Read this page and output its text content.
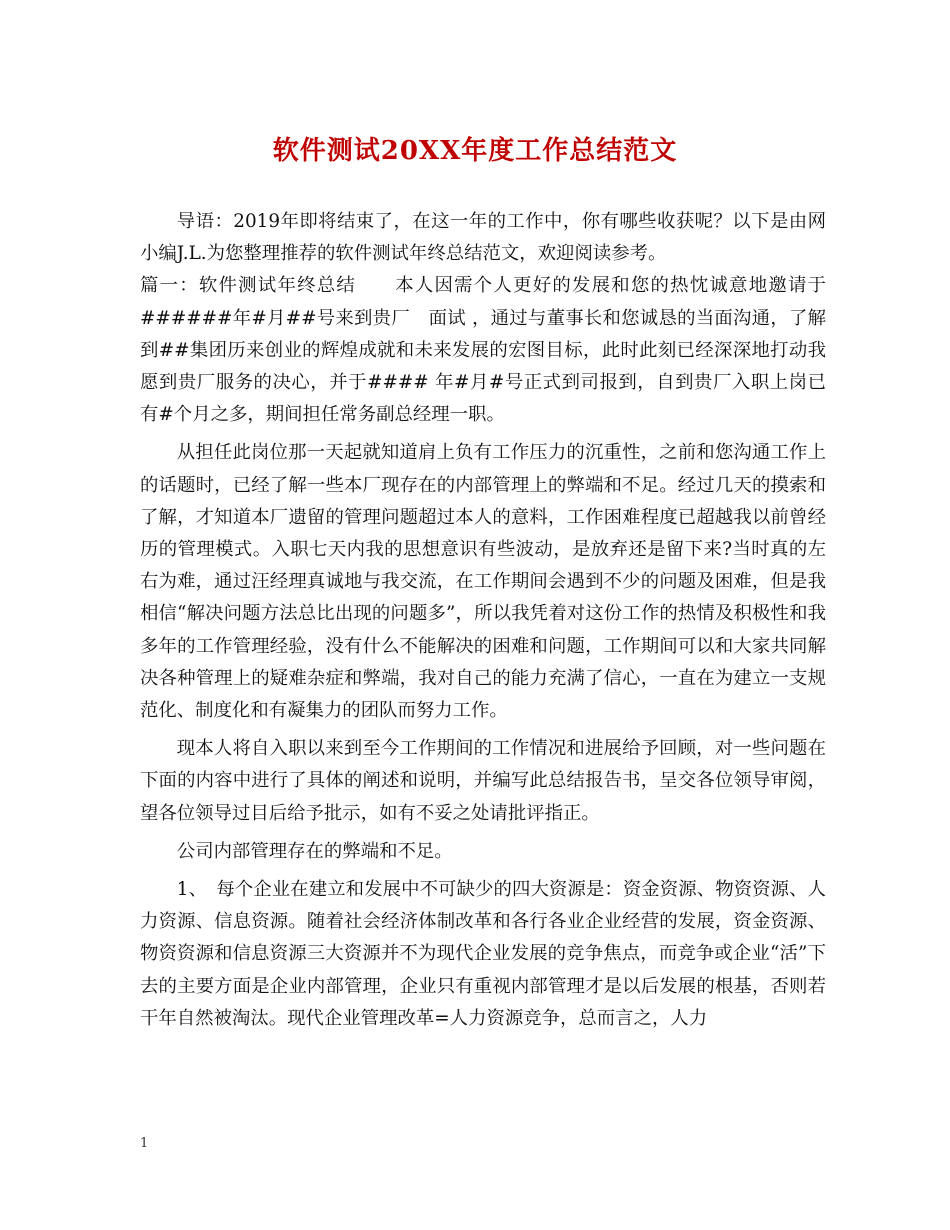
软件测试20XX年度工作总结范文

导语：2019年即将结束了，在这一年的工作中，你有哪些收获呢？以下是由网小编J.L.为您整理推荐的软件测试年终总结范文，欢迎阅读参考。

篇一：软件测试年终总结　　本人因需个人更好的发展和您的热忱诚意地邀请于######年#月##号来到贵厂　面试 ，通过与董事长和您诚恳的当面沟通，了解到##集团历来创业的辉煌成就和未来发展的宏图目标，此时此刻已经深深地打动我愿到贵厂服务的决心，并于#### 年#月#号正式到司报到，自到贵厂入职上岗已有#个月之多，期间担任常务副总经理一职。

从担任此岗位那一天起就知道肩上负有工作压力的沉重性，之前和您沟通工作上的话题时，已经了解一些本厂现存在的内部管理上的弊端和不足。经过几天的摸索和了解，才知道本厂遗留的管理问题超过本人的意料，工作困难程度已超越我以前曾经历的管理模式。入职七天内我的思想意识有些波动，是放弃还是留下来?当时真的左右为难，通过汪经理真诚地与我交流，在工作期间会遇到不少的问题及困难，但是我相信“解决问题方法总比出现的问题多”，所以我凭着对这份工作的热情及积极性和我多年的工作管理经验，没有什么不能解决的困难和问题，工作期间可以和大家共同解决各种管理上的疑难杂症和弊端，我对自己的能力充满了信心，一直在为建立一支规范化、制度化和有凝集力的团队而努力工作。

现本人将自入职以来到至今工作期间的工作情况和进展给予回顾，对一些问题在下面的内容中进行了具体的阐述和说明，并编写此总结报告书，呈交各位领导审阅，望各位领导过目后给予批示，如有不妥之处请批评指正。

公司内部管理存在的弊端和不足。

1、　每个企业在建立和发展中不可缺少的四大资源是：资金资源、物资资源、人力资源、信息资源。随着社会经济体制改革和各行各业企业经营的发展，资金资源、物资资源和信息资源三大资源并不为现代企业发展的竞争焦点，而竞争或企业“活”下去的主要方面是企业内部管理，企业只有重视内部管理才是以后发展的根基，否则若干年自然被淘汰。现代企业管理改革=人力资源竞争，总而言之，人力

1
